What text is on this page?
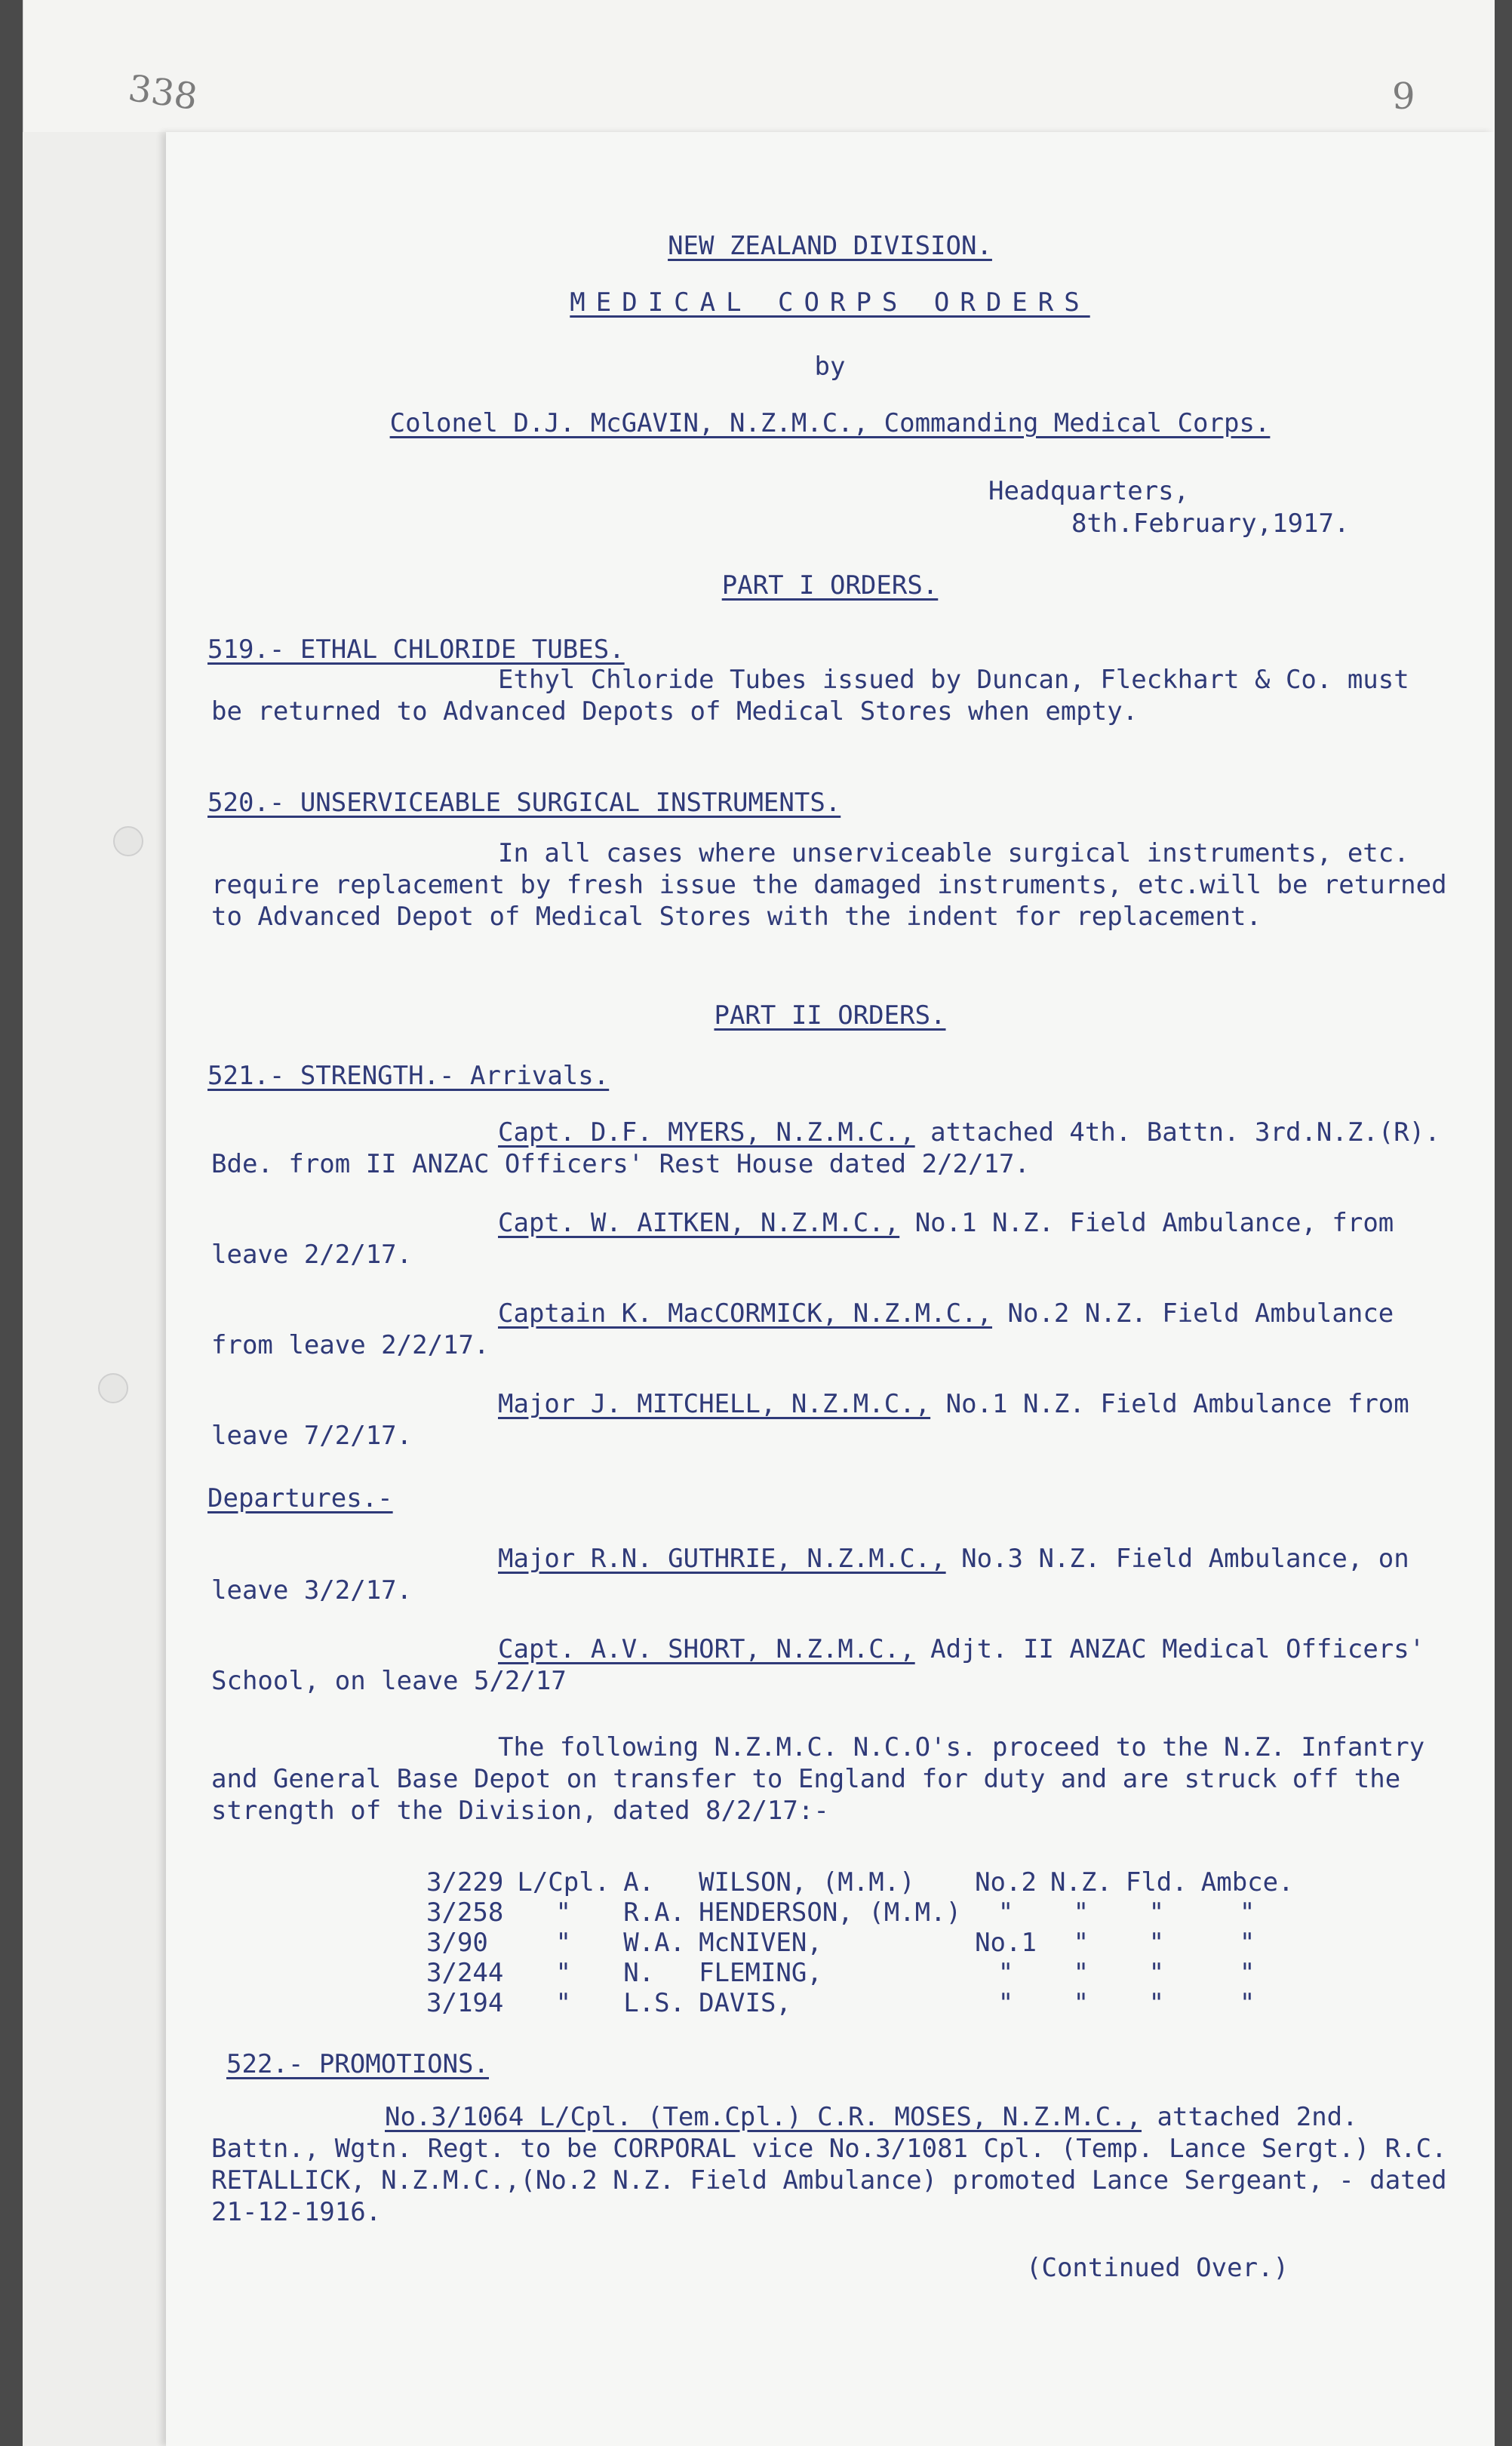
338	9
NEW ZEALAND DIVISION.
MEDICAL CORPS ORDERS
by
Colonel D.J. McGAVIN, N.Z.M.C., Commanding Medical Corps.
Headquarters,
8th.February,1917.
PART I ORDERS.
519.- ETHAL CHLORIDE TUBES.
Ethyl Chloride Tubes issued by Duncan, Fleckhart & Co. must be returned to Advanced Depots of Medical Stores when empty.
520.- UNSERVICEABLE SURGICAL INSTRUMENTS.
In all cases where unserviceable surgical instruments, etc. require replacement by fresh issue the damaged instruments, etc.will be returned to Advanced Depot of Medical Stores with the indent for replacement.
PART II ORDERS.
521.- STRENGTH.- Arrivals.
Capt. D.F. MYERS, N.Z.M.C., attached 4th. Battn. 3rd.N.Z.(R). Bde. from II ANZAC Officers' Rest House dated 2/2/17.
Capt. W. AITKEN, N.Z.M.C., No.1 N.Z. Field Ambulance, from leave 2/2/17.
Captain K. MacCORMICK, N.Z.M.C., No.2 N.Z. Field Ambulance from leave 2/2/17.
Major J. MITCHELL, N.Z.M.C., No.1 N.Z. Field Ambulance from leave 7/2/17.
Departures.-
Major R.N. GUTHRIE, N.Z.M.C., No.3 N.Z. Field Ambulance, on leave 3/2/17.
Capt. A.V. SHORT, N.Z.M.C., Adjt. II ANZAC Medical Officers' School, on leave 5/2/17
The following N.Z.M.C. N.C.O's. proceed to the N.Z. Infantry and General Base Depot on transfer to England for duty and are struck off the strength of the Division, dated 8/2/17:-
3/229	L/Cpl.	A.	WILSON, (M.M.)	No.2	N.Z.	Fld.	Ambce.
3/258	"	R.A.	HENDERSON, (M.M.)	"	"	"	"
3/90	"	W.A.	McNIVEN,	No.1	"	"	"
3/244	"	N.	FLEMING,	"	"	"	"
3/194	"	L.S.	DAVIS,	"	"	"	"
522.- PROMOTIONS.
No.3/1064 L/Cpl. (Tem.Cpl.) C.R. MOSES, N.Z.M.C., attached 2nd. Battn., Wgtn. Regt. to be CORPORAL vice No.3/1081 Cpl. (Temp. Lance Sergt.) R.C. RETALLICK, N.Z.M.C.,(No.2 N.Z. Field Ambulance) promoted Lance Sergeant, - dated 21-12-1916.
(Continued Over.)
